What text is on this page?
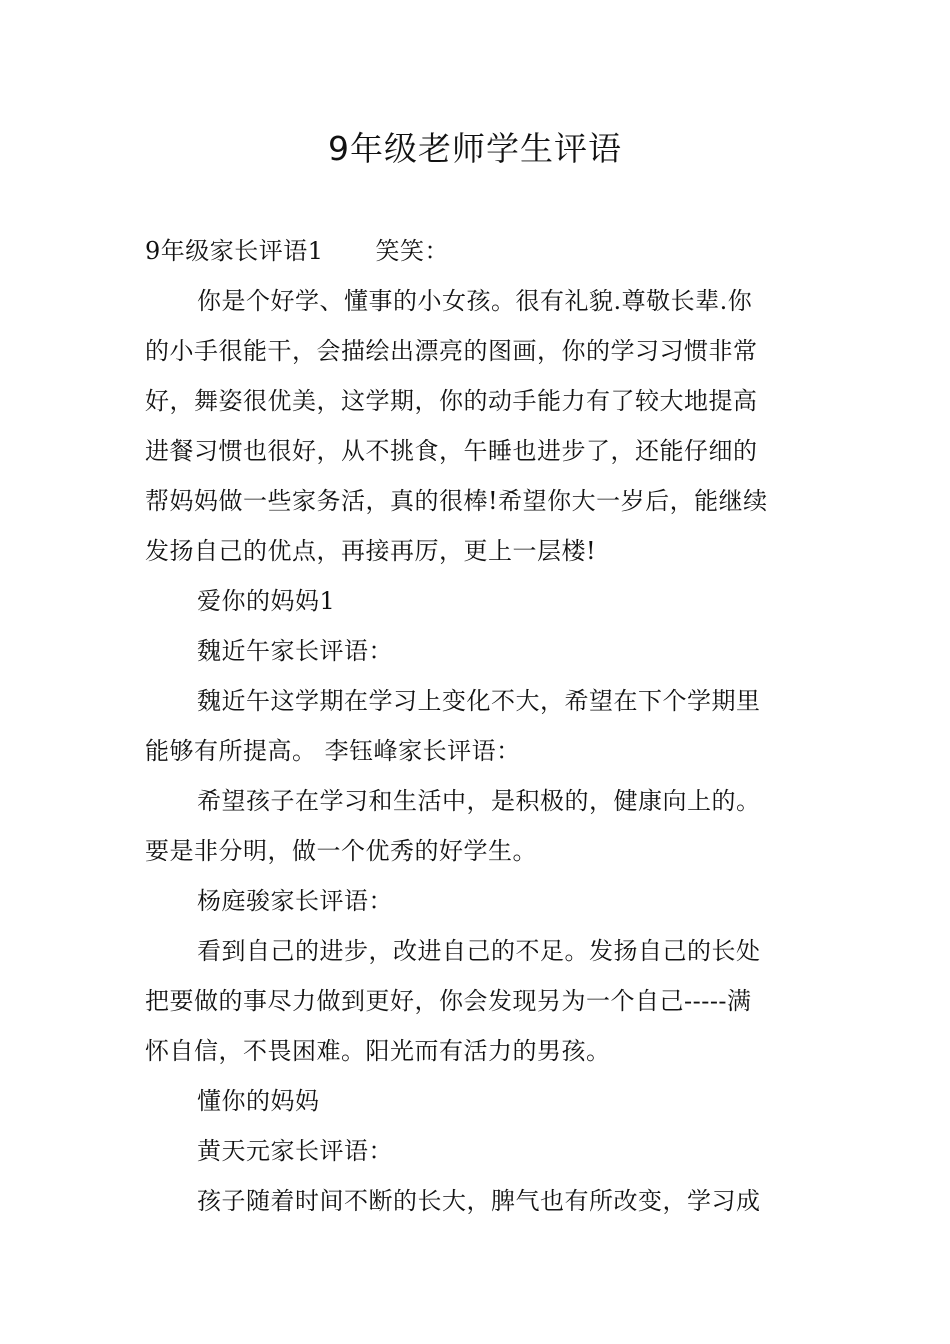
9年级老师学生评语
9年级家长评语1 笑笑：
你是个好学、懂事的小女孩。很有礼貌.尊敬长辈.你
的小手很能干，会描绘出漂亮的图画，你的学习习惯非常
好，舞姿很优美，这学期，你的动手能力有了较大地提高
进餐习惯也很好，从不挑食，午睡也进步了，还能仔细的
帮妈妈做一些家务活，真的很棒!希望你大一岁后，能继续
发扬自己的优点，再接再厉，更上一层楼!
爱你的妈妈1
魏近午家长评语：
魏近午这学期在学习上变化不大，希望在下个学期里
能够有所提高。 李钰峰家长评语：
希望孩子在学习和生活中，是积极的，健康向上的。
要是非分明，做一个优秀的好学生。
杨庭骏家长评语：
看到自己的进步，改进自己的不足。发扬自己的长处
把要做的事尽力做到更好，你会发现另为一个自己-----满
怀自信，不畏困难。阳光而有活力的男孩。
懂你的妈妈
黄天元家长评语：
孩子随着时间不断的长大，脾气也有所改变，学习成
